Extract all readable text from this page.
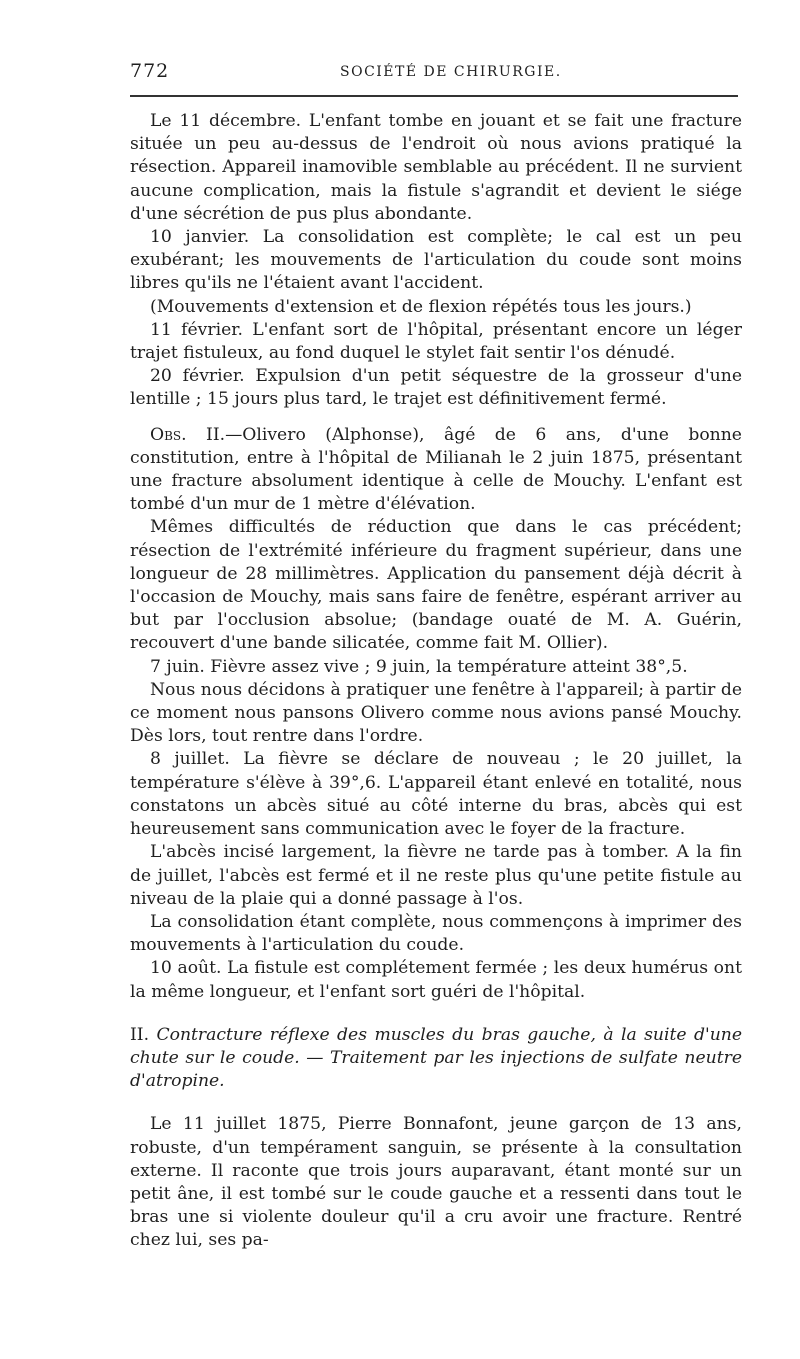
772	SOCIÉTÉ DE CHIRURGIE.

Le 11 décembre. L'enfant tombe en jouant et se fait une fracture située un peu au-dessus de l'endroit où nous avions pratiqué la résection. Appareil inamovible semblable au précédent. Il ne survient aucune complication, mais la fistule s'agrandit et devient le siége d'une sécrétion de pus plus abondante.

10 janvier. La consolidation est complète; le cal est un peu exubérant; les mouvements de l'articulation du coude sont moins libres qu'ils ne l'étaient avant l'accident.

(Mouvements d'extension et de flexion répétés tous les jours.)

11 février. L'enfant sort de l'hôpital, présentant encore un léger trajet fistuleux, au fond duquel le stylet fait sentir l'os dénudé.

20 février. Expulsion d'un petit séquestre de la grosseur d'une lentille ; 15 jours plus tard, le trajet est définitivement fermé.

Obs. II.—Olivero (Alphonse), âgé de 6 ans, d'une bonne constitution, entre à l'hôpital de Milianah le 2 juin 1875, présentant une fracture absolument identique à celle de Mouchy. L'enfant est tombé d'un mur de 1 mètre d'élévation.

Mêmes difficultés de réduction que dans le cas précédent; résection de l'extrémité inférieure du fragment supérieur, dans une longueur de 28 millimètres. Application du pansement déjà décrit à l'occasion de Mouchy, mais sans faire de fenêtre, espérant arriver au but par l'occlusion absolue; (bandage ouaté de M. A. Guérin, recouvert d'une bande silicatée, comme fait M. Ollier).

7 juin. Fièvre assez vive ; 9 juin, la température atteint 38°,5.

Nous nous décidons à pratiquer une fenêtre à l'appareil; à partir de ce moment nous pansons Olivero comme nous avions pansé Mouchy. Dès lors, tout rentre dans l'ordre.

8 juillet. La fièvre se déclare de nouveau ; le 20 juillet, la température s'élève à 39°,6. L'appareil étant enlevé en totalité, nous constatons un abcès situé au côté interne du bras, abcès qui est heureusement sans communication avec le foyer de la fracture.

L'abcès incisé largement, la fièvre ne tarde pas à tomber. A la fin de juillet, l'abcès est fermé et il ne reste plus qu'une petite fistule au niveau de la plaie qui a donné passage à l'os.

La consolidation étant complète, nous commençons à imprimer des mouvements à l'articulation du coude.

10 août. La fistule est complétement fermée ; les deux humérus ont la même longueur, et l'enfant sort guéri de l'hôpital.

II. Contracture réflexe des muscles du bras gauche, à la suite d'une chute sur le coude. — Traitement par les injections de sulfate neutre d'atropine.

Le 11 juillet 1875, Pierre Bonnafont, jeune garçon de 13 ans, robuste, d'un tempérament sanguin, se présente à la consultation externe. Il raconte que trois jours auparavant, étant monté sur un petit âne, il est tombé sur le coude gauche et a ressenti dans tout le bras une si violente douleur qu'il a cru avoir une fracture. Rentré chez lui, ses pa-
